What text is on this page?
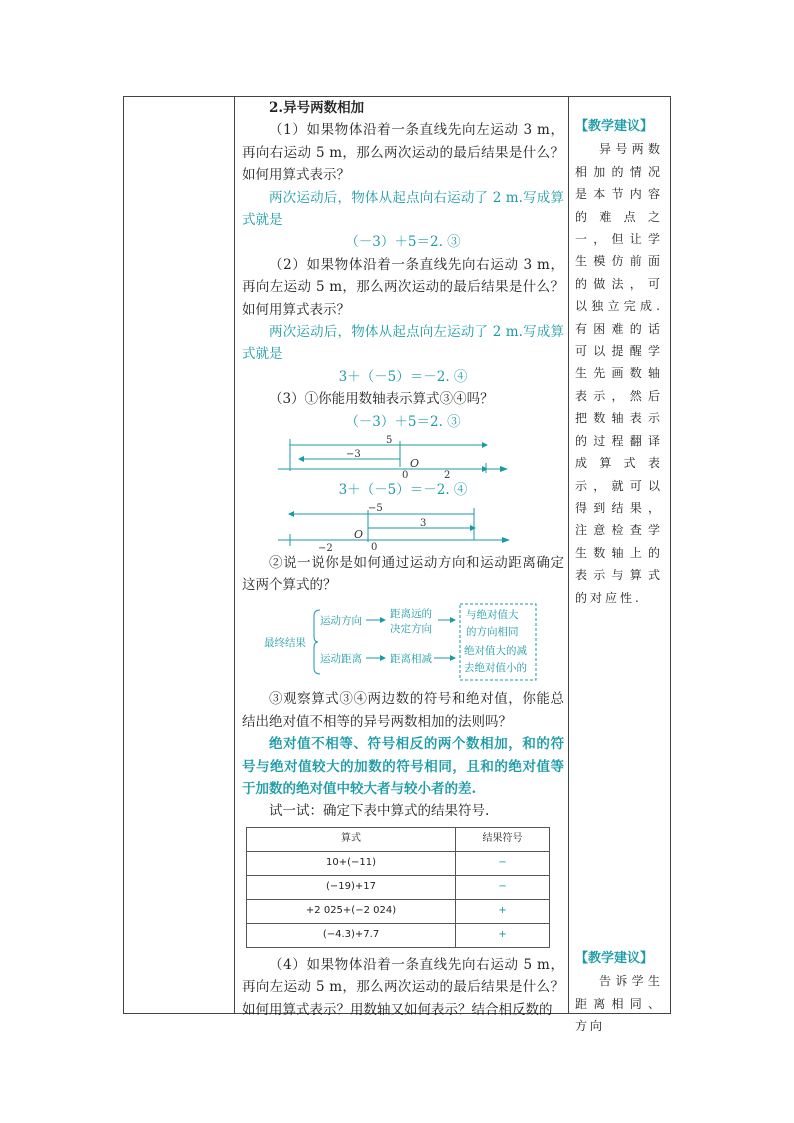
2.异号两数相加

（1）如果物体沿着一条直线先向左运动 3 m，再向右运动 5 m，那么两次运动的最后结果是什么？如何用算式表示？

两次运动后，物体从起点向右运动了 2 m.写成算式就是

（－3）＋5＝2. ③

（2）如果物体沿着一条直线先向右运动 3 m，再向左运动 5 m，那么两次运动的最后结果是什么？如何用算式表示？

两次运动后，物体从起点向左运动了 2 m.写成算式就是

3＋（－5）＝－2. ④

（3）①你能用数轴表示算式③④吗？

（－3）＋5＝2. ③

5
−3
O
0	2

3＋（－5）＝－2. ④

−5
O
3
0
−2

②说一说你是如何通过运动方向和运动距离确定这两个算式的？

最终结果
运动方向
距离远的
决定方向
运动距离	距离相减
与绝对值大
的方向相同
绝对值大的减
去绝对值小的

③观察算式③④两边数的符号和绝对值，你能总结出绝对值不相等的异号两数相加的法则吗？

绝对值不相等、符号相反的两个数相加，和的符号与绝对值较大的加数的符号相同，且和的绝对值等于加数的绝对值中较大者与较小者的差.

试一试：确定下表中算式的结果符号.

算式	结果符号
10+(−11)	−
(−19)+17	−
+2 025+(−2 024)	+
(−4.3)+7.7	+

（4）如果物体沿着一条直线先向右运动 5 m，再向左运动 5 m，那么两次运动的最后结果是什么？如何用算式表示？用数轴又如何表示？结合相反数的

【教学建议】

异号两数相加的情况是本节内容的难点之一，但让学生模仿前面的做法，可以独立完成.有困难的话可以提醒学生先画数轴表示，然后把数轴表示的过程翻译成算式表示，就可以得到结果，注意检查学生数轴上的表示与算式的对应性.

【教学建议】

告诉学生距离相同、方向
